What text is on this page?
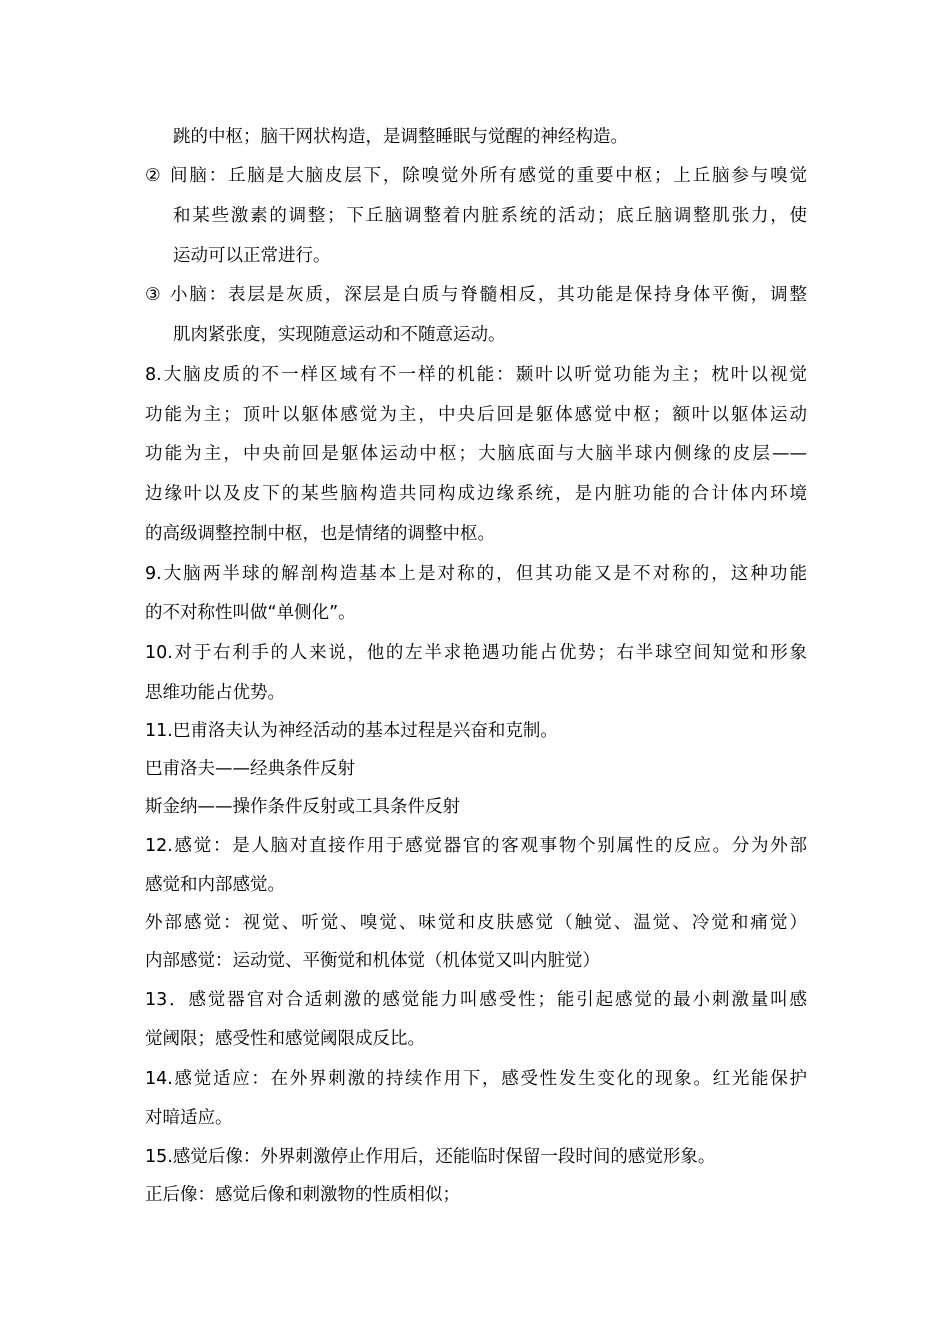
跳的中枢；脑干网状构造，是调整睡眠与觉醒的神经构造。
② 间脑：丘脑是大脑皮层下，除嗅觉外所有感觉的重要中枢；上丘脑参与嗅觉
和某些激素的调整；下丘脑调整着内脏系统的活动；底丘脑调整肌张力，使
运动可以正常进行。
③ 小脑：表层是灰质，深层是白质与脊髓相反，其功能是保持身体平衡，调整
肌肉紧张度，实现随意运动和不随意运动。
8.大脑皮质的不一样区域有不一样的机能：颞叶以听觉功能为主；枕叶以视觉
功能为主；顶叶以躯体感觉为主，中央后回是躯体感觉中枢；额叶以躯体运动
功能为主，中央前回是躯体运动中枢；大脑底面与大脑半球内侧缘的皮层——
边缘叶以及皮下的某些脑构造共同构成边缘系统，是内脏功能的合计体内环境
的高级调整控制中枢，也是情绪的调整中枢。
9.大脑两半球的解剖构造基本上是对称的，但其功能又是不对称的，这种功能
的不对称性叫做“单侧化”。
10.对于右利手的人来说，他的左半求艳遇功能占优势；右半球空间知觉和形象
思维功能占优势。
11.巴甫洛夫认为神经活动的基本过程是兴奋和克制。
巴甫洛夫——经典条件反射
斯金纳——操作条件反射或工具条件反射
12.感觉：是人脑对直接作用于感觉器官的客观事物个别属性的反应。分为外部
感觉和内部感觉。
外部感觉：视觉、听觉、嗅觉、味觉和皮肤感觉（触觉、温觉、冷觉和痛觉）
内部感觉：运动觉、平衡觉和机体觉（机体觉又叫内脏觉）
13．感觉器官对合适刺激的感觉能力叫感受性；能引起感觉的最小刺激量叫感
觉阈限；感受性和感觉阈限成反比。
14.感觉适应：在外界刺激的持续作用下，感受性发生变化的现象。红光能保护
对暗适应。
15.感觉后像：外界刺激停止作用后，还能临时保留一段时间的感觉形象。
正后像：感觉后像和刺激物的性质相似；
